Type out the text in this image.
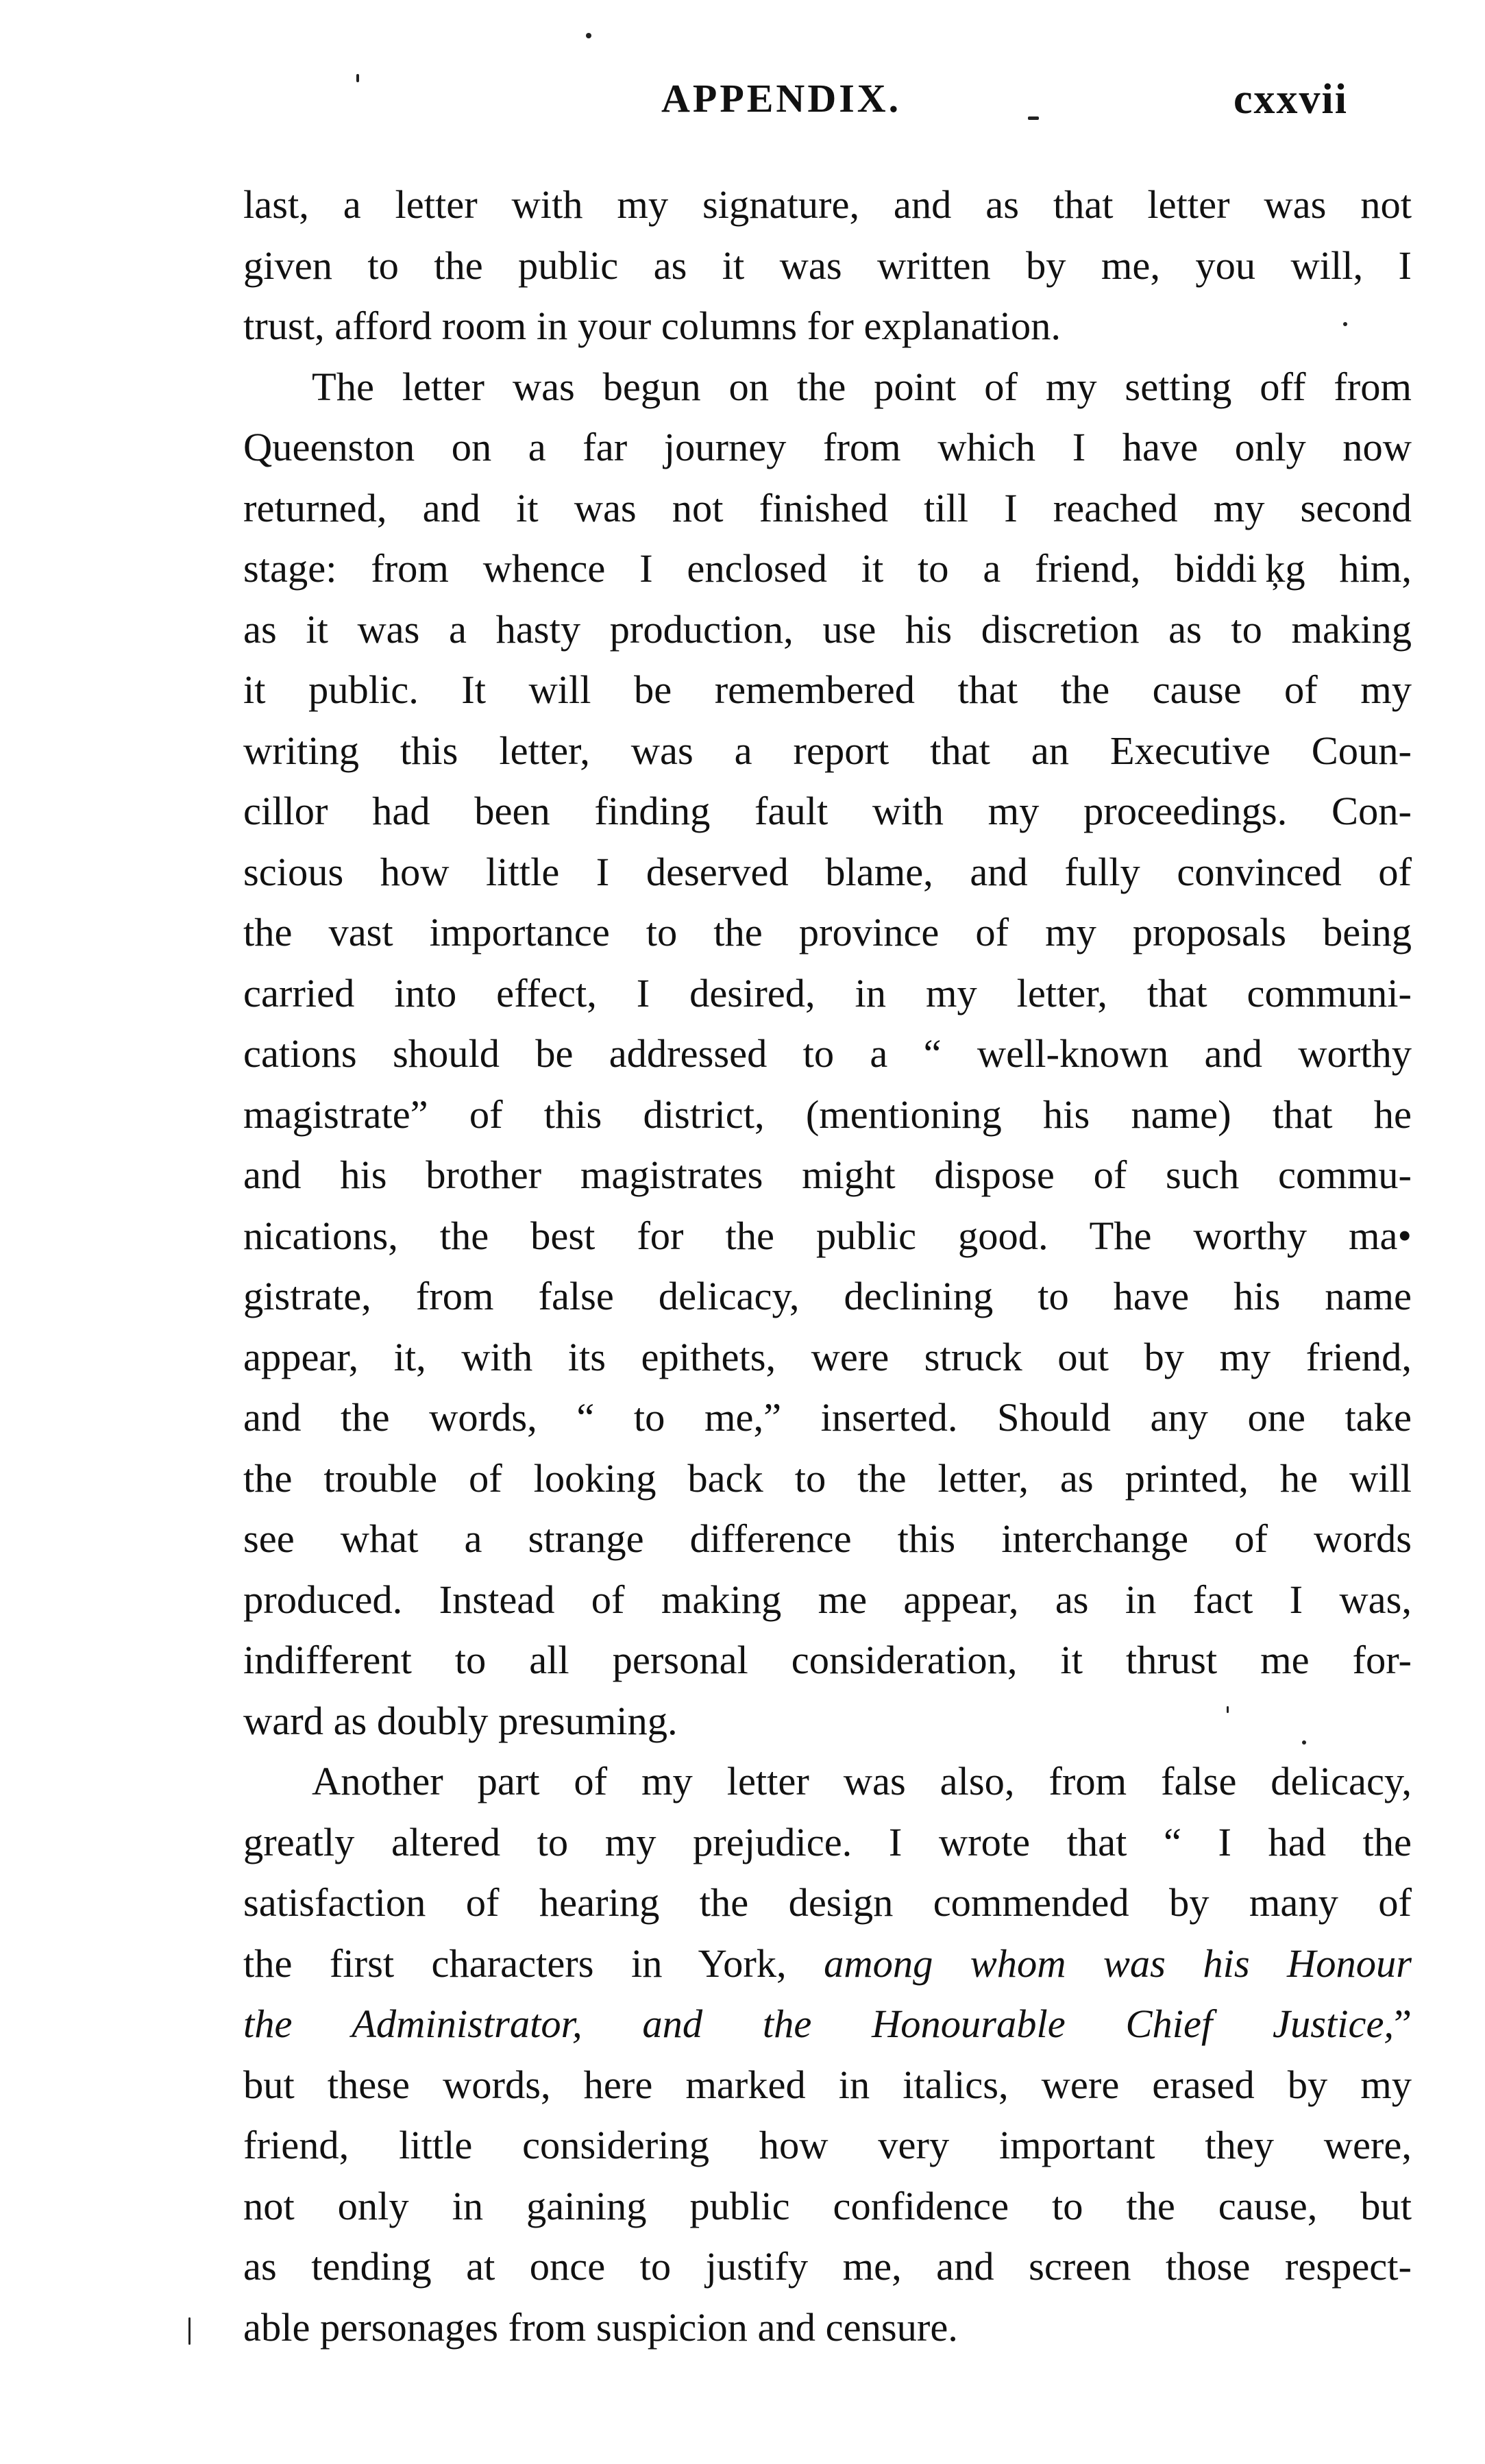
APPENDIX.	cxxvii

last, a letter with my signature, and as that letter was not
given to the public as it was written by me, you will, I
trust, afford room in your columns for explanation.

The letter was begun on the point of my setting off from
Queenston on a far journey from which I have only now
returned, and it was not finished till I reached my second
stage: from whence I enclosed it to a friend, biddi ķg him,
as it was a hasty production, use his discretion as to making
it public. It will be remembered that the cause of my
writing this letter, was a report that an Executive Coun-
cillor had been finding fault with my proceedings. Con-
scious how little I deserved blame, and fully convinced of
the vast importance to the province of my proposals being
carried into effect, I desired, in my letter, that communi-
cations should be addressed to a “ well-known and worthy
magistrate” of this district, (mentioning his name) that he
and his brother magistrates might dispose of such commu-
nications, the best for the public good. The worthy ma•
gistrate, from false delicacy, declining to have his name
appear, it, with its epithets, were struck out by my friend,
and the words, “ to me,” inserted. Should any one take
the trouble of looking back to the letter, as printed, he will
see what a strange difference this interchange of words
produced. Instead of making me appear, as in fact I was,
indifferent to all personal consideration, it thrust me for-
ward as doubly presuming.

Another part of my letter was also, from false delicacy,
greatly altered to my prejudice. I wrote that “ I had the
satisfaction of hearing the design commended by many of
the first characters in York, among whom was his Honour
the Administrator, and the Honourable Chief Justice,”
but these words, here marked in italics, were erased by my
friend, little considering how very important they were,
not only in gaining public confidence to the cause, but
as tending at once to justify me, and screen those respect-
able personages from suspicion and censure.
